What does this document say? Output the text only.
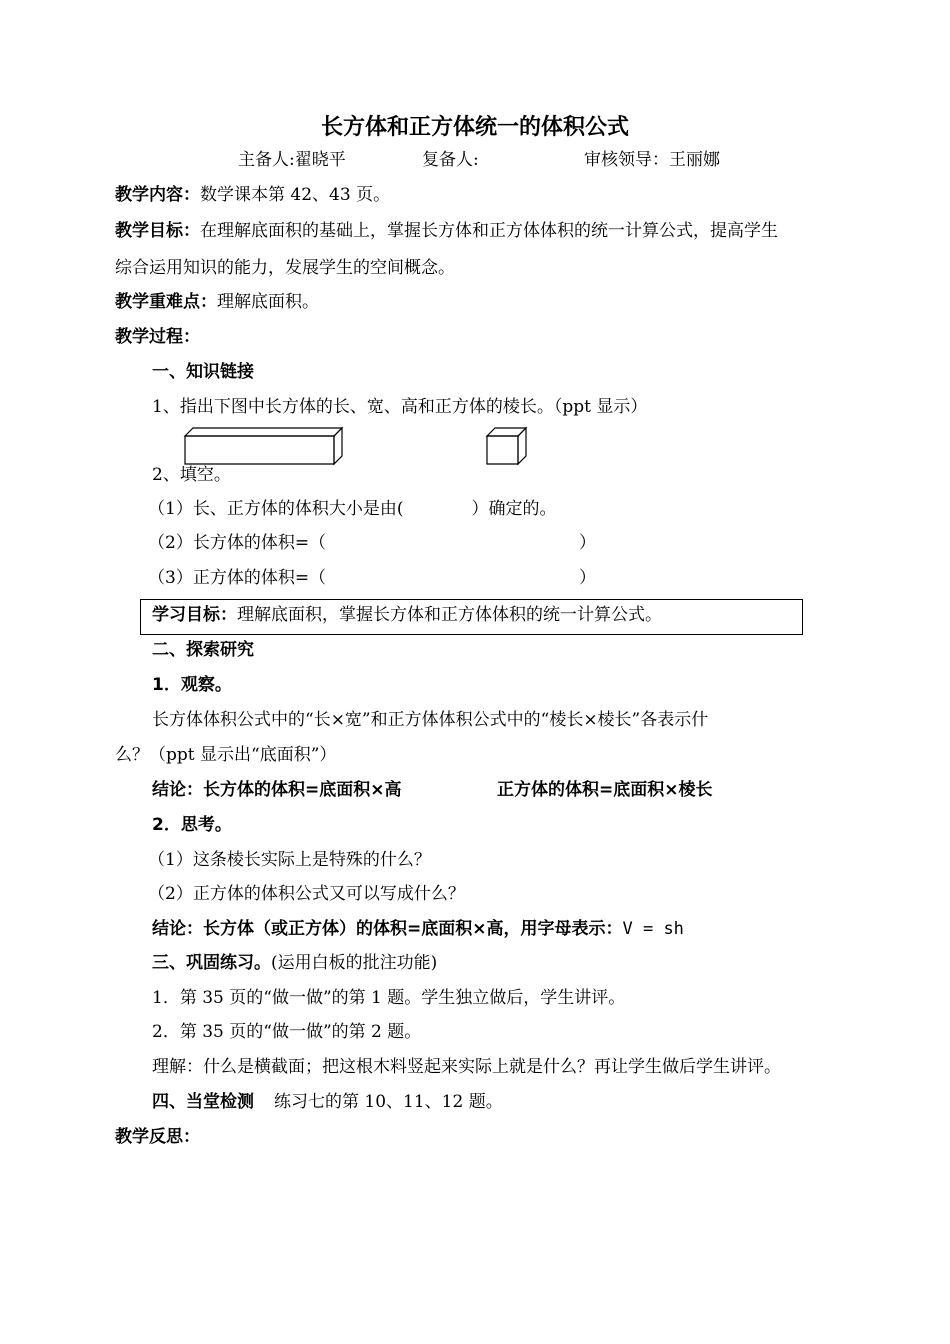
长方体和正方体统一的体积公式
主备人:翟晓平	复备人:	审核领导：王丽娜
教学内容：数学课本第 42、43 页。
教学目标：在理解底面积的基础上，掌握长方体和正方体体积的统一计算公式，提高学生
综合运用知识的能力，发展学生的空间概念。
教学重难点：理解底面积。
教学过程：
一、知识链接
1、指出下图中长方体的长、宽、高和正方体的棱长。（ppt 显示）
2、填空。
（1）长、正方体的体积大小是由(　　　　）确定的。
（2）长方体的体积=（	）
（3）正方体的体积=（	）
学习目标：理解底面积，掌握长方体和正方体体积的统一计算公式。
二、探索研究
1．观察。
长方体体积公式中的“长×宽”和正方体体积公式中的“棱长×棱长”各表示什
么？（ppt 显示出“底面积”）
结论：长方体的体积=底面积×高	正方体的体积=底面积×棱长
2．思考。
（1）这条棱长实际上是特殊的什么？
（2）正方体的体积公式又可以写成什么？
结论：长方体（或正方体）的体积=底面积×高，用字母表示：V = sh
三、巩固练习。(运用白板的批注功能)
1．第 35 页的“做一做”的第 1 题。学生独立做后，学生讲评。
2．第 35 页的“做一做”的第 2 题。
理解：什么是横截面；把这根木料竖起来实际上就是什么？再让学生做后学生讲评。
四、当堂检测 练习七的第 10、11、12 题。
教学反思：
